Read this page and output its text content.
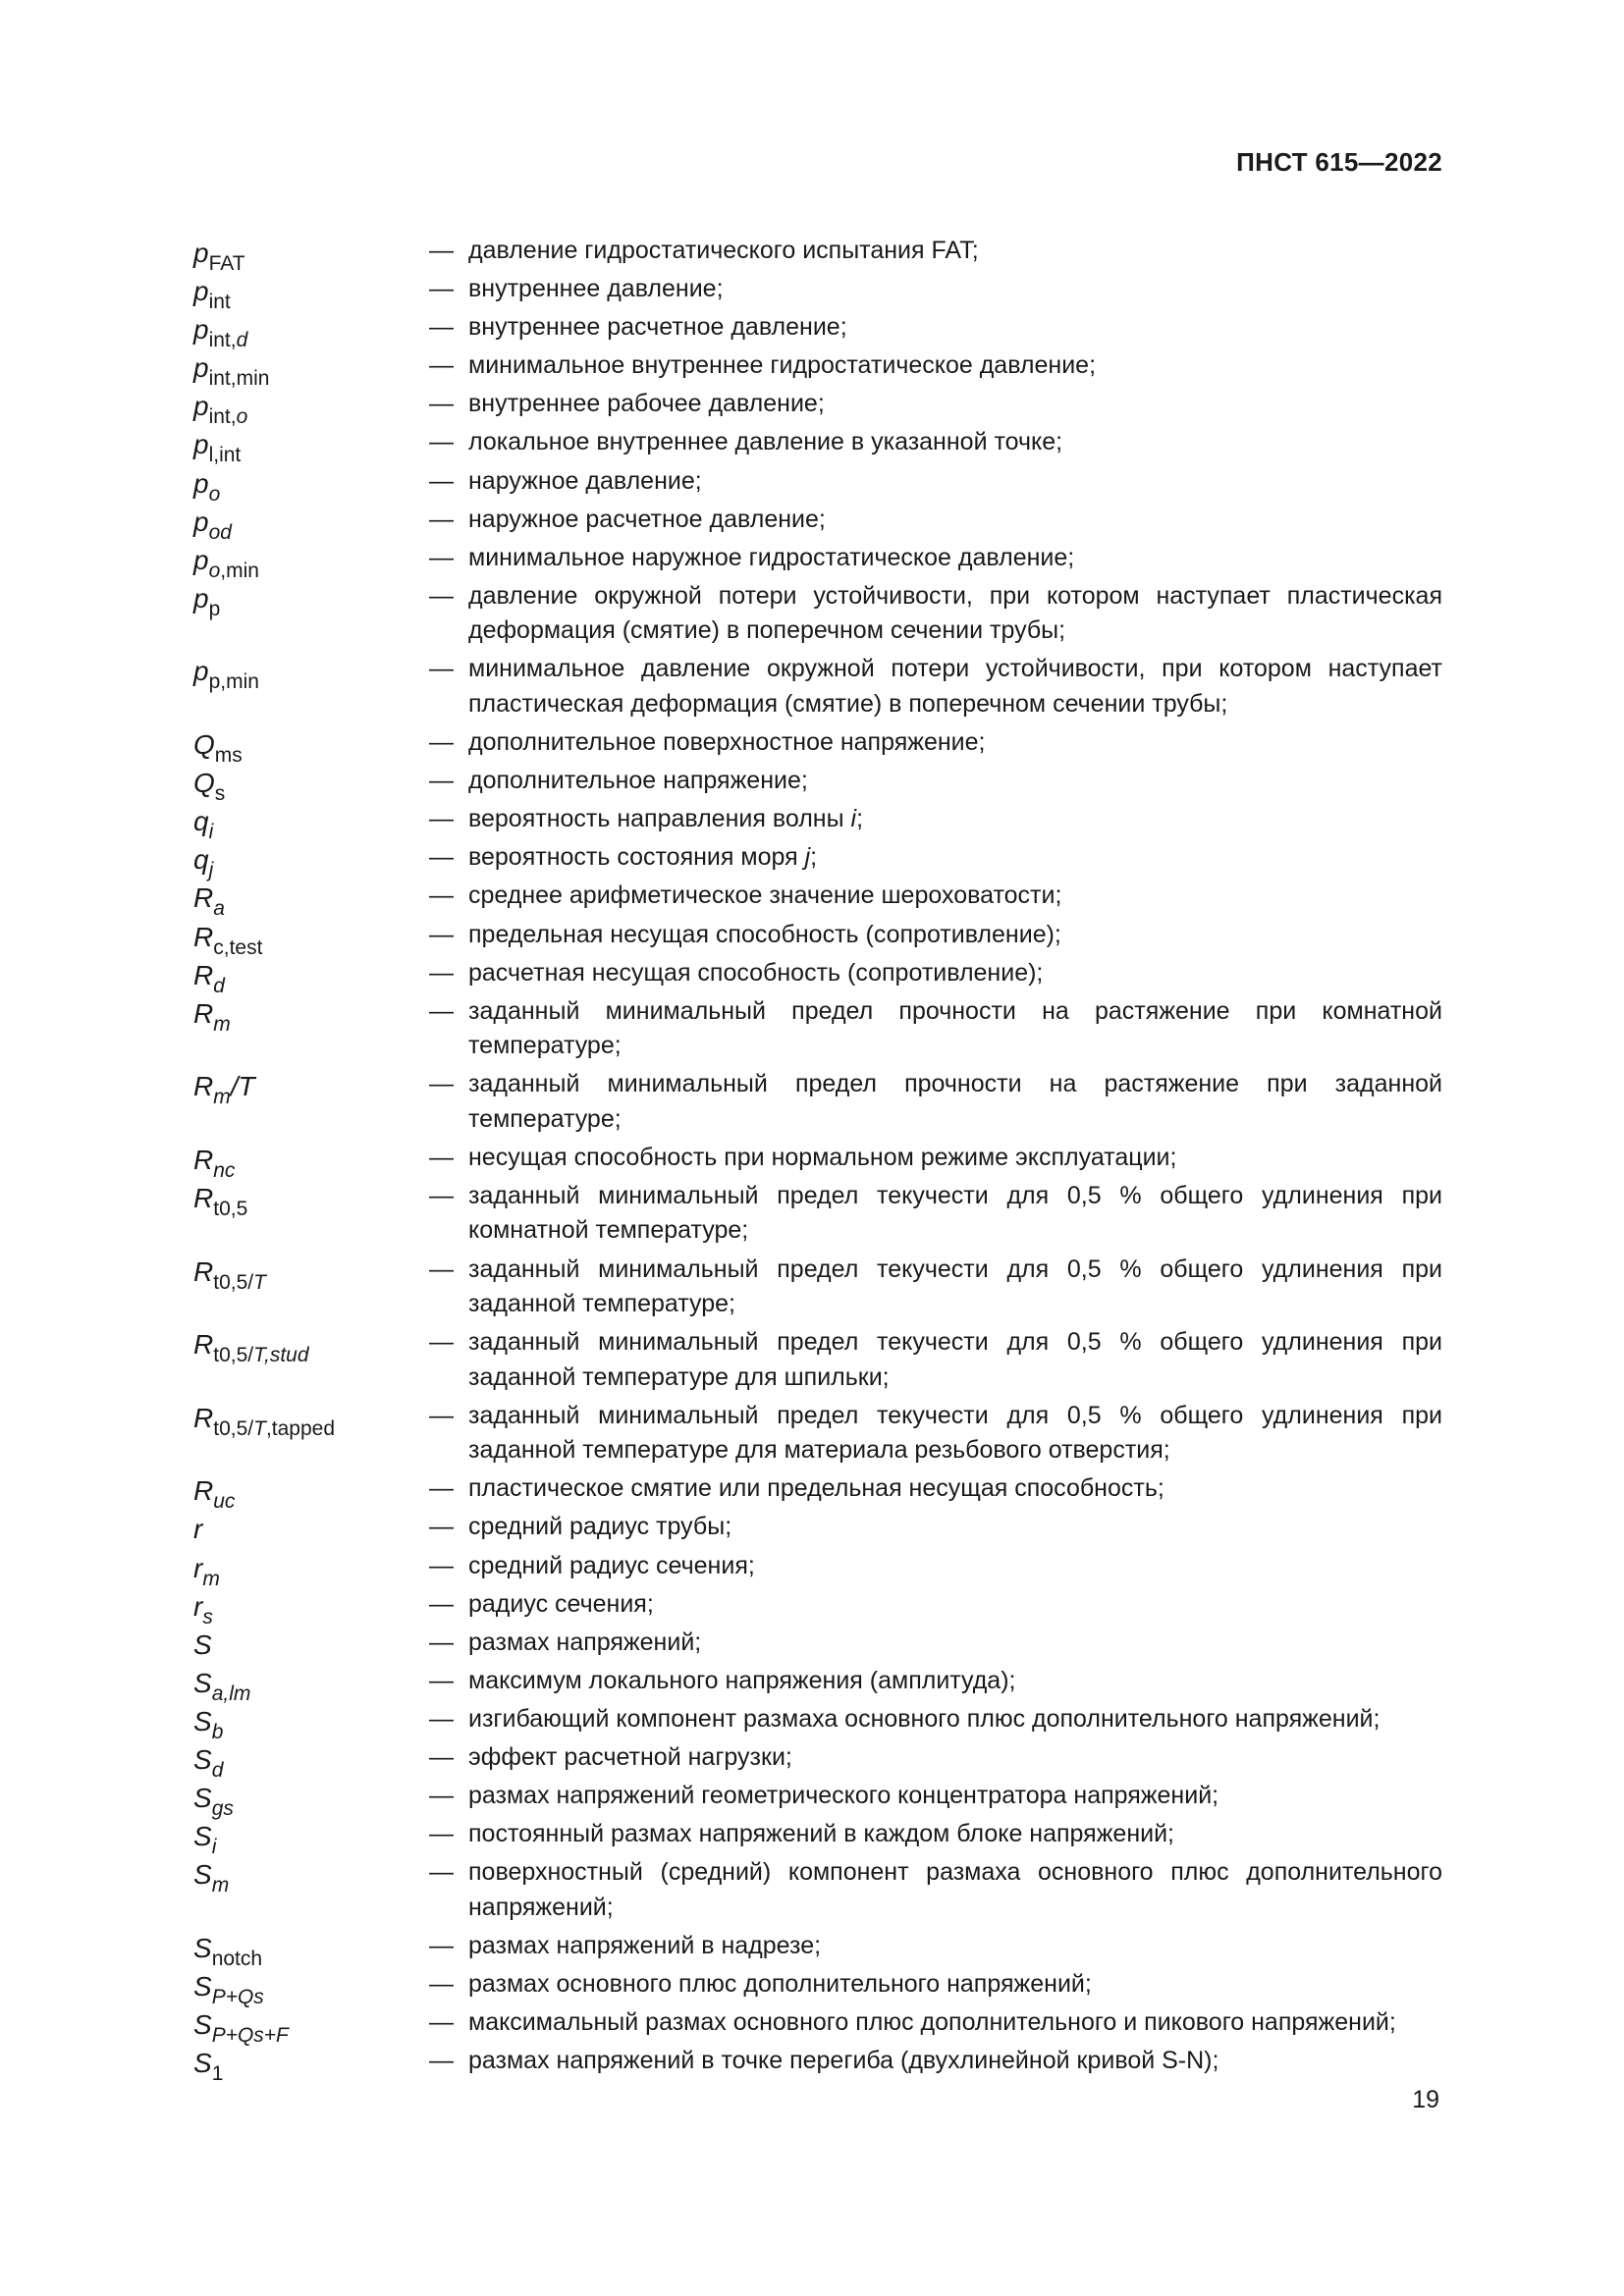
ПНСТ 615—2022
$p_{FAT}$	— давление гидростатического испытания FAT;
$p_{int}$	— внутреннее давление;
$p_{int,d}$	— внутреннее расчетное давление;
$p_{int,min}$	— минимальное внутреннее гидростатическое давление;
$p_{int,o}$	— внутреннее рабочее давление;
$p_{l,int}$	— локальное внутреннее давление в указанной точке;
$p_o$	— наружное давление;
$p_{od}$	— наружное расчетное давление;
$p_{o,min}$	— минимальное наружное гидростатическое давление;
$p_p$	— давление окружной потери устойчивости, при котором наступает пластическая деформация (смятие) в поперечном сечении трубы;
$p_{p,min}$	— минимальное давление окружной потери устойчивости, при котором наступает пластическая деформация (смятие) в поперечном сечении трубы;
$Q_{ms}$	— дополнительное поверхностное напряжение;
$Q_s$	— дополнительное напряжение;
$q_i$	— вероятность направления волны i;
$q_j$	— вероятность состояния моря j;
$R_a$	— среднее арифметическое значение шероховатости;
$R_{c,test}$	— предельная несущая способность (сопротивление);
$R_d$	— расчетная несущая способность (сопротивление);
$R_m$	— заданный минимальный предел прочности на растяжение при комнатной температуре;
$R_m/T$	— заданный минимальный предел прочности на растяжение при заданной температуре;
$R_{nc}$	— несущая способность при нормальном режиме эксплуатации;
$R_{t0,5}$	— заданный минимальный предел текучести для 0,5 % общего удлинения при комнатной температуре;
$R_{t0,5/T}$	— заданный минимальный предел текучести для 0,5 % общего удлинения при заданной температуре;
$R_{t0,5/T,stud}$	— заданный минимальный предел текучести для 0,5 % общего удлинения при заданной температуре для шпильки;
$R_{t0,5/T,tapped}$	— заданный минимальный предел текучести для 0,5 % общего удлинения при заданной температуре для материала резьбового отверстия;
$R_{uc}$	— пластическое смятие или предельная несущая способность;
r	— средний радиус трубы;
$r_m$	— средний радиус сечения;
$r_s$	— радиус сечения;
S	— размах напряжений;
$S_{a,lm}$	— максимум локального напряжения (амплитуда);
$S_b$	— изгибающий компонент размаха основного плюс дополнительного напряжений;
$S_d$	— эффект расчетной нагрузки;
$S_{gs}$	— размах напряжений геометрического концентратора напряжений;
$S_i$	— постоянный размах напряжений в каждом блоке напряжений;
$S_m$	— поверхностный (средний) компонент размаха основного плюс дополнительного напряжений;
$S_{notch}$	— размах напряжений в надрезе;
$S_{P+Qs}$	— размах основного плюс дополнительного напряжений;
$S_{P+Qs+F}$	— максимальный размах основного плюс дополнительного и пикового напряжений;
$S_1$	— размах напряжений в точке перегиба (двухлинейной кривой S-N);
19
